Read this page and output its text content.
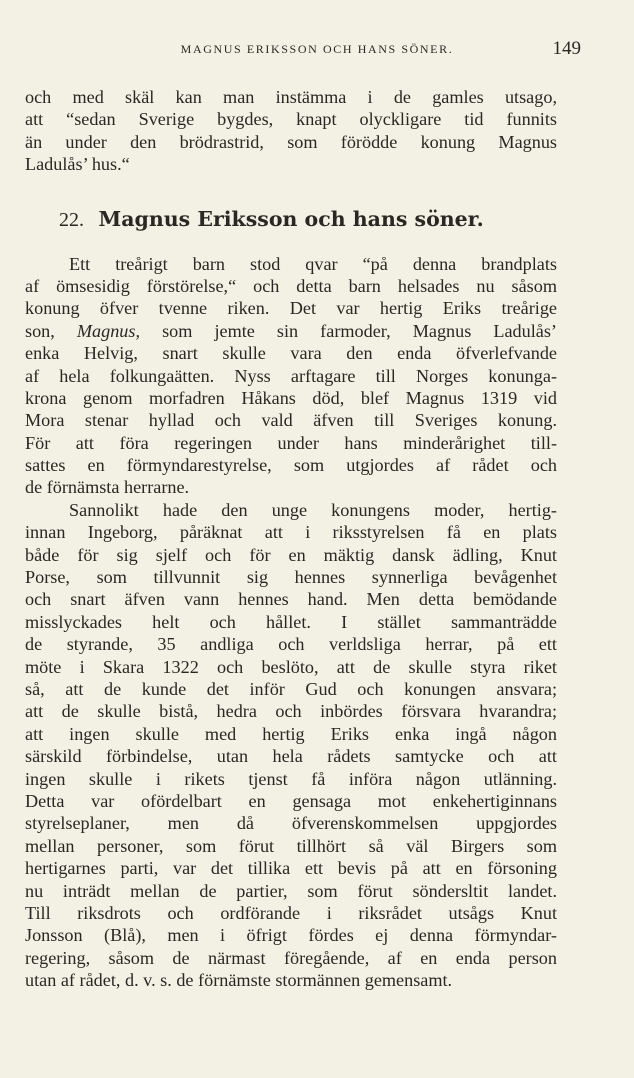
MAGNUS ERIKSSON OCH HANS SÖNER.	149
och med skäl kan man instämma i de gamles utsago,
att “sedan Sverige bygdes, knapt olyckligare tid funnits
än under den brödrastrid, som förödde konung Magnus
Ladulås’ hus.“
22. Magnus Eriksson och hans söner.
Ett treårigt barn stod qvar “på denna brandplats
af ömsesidig förstörelse,“ och detta barn helsades nu såsom
konung öfver tvenne riken. Det var hertig Eriks treårige
son, Magnus, som jemte sin farmoder, Magnus Ladulås’
enka Helvig, snart skulle vara den enda öfverlefvande
af hela folkungaätten. Nyss arftagare till Norges konunga-
krona genom morfadren Håkans död, blef Magnus 1319 vid
Mora stenar hyllad och vald äfven till Sveriges konung.
För att föra regeringen under hans minderårighet till-
sattes en förmyndarestyrelse, som utgjordes af rådet och
de förnämsta herrarne.
Sannolikt hade den unge konungens moder, hertig-
innan Ingeborg, påräknat att i riksstyrelsen få en plats
både för sig sjelf och för en mäktig dansk ädling, Knut
Porse, som tillvunnit sig hennes synnerliga bevågenhet
och snart äfven vann hennes hand. Men detta bemödande
misslyckades helt och hållet. I stället sammanträdde
de styrande, 35 andliga och verldsliga herrar, på ett
möte i Skara 1322 och beslöto, att de skulle styra riket
så, att de kunde det inför Gud och konungen ansvara;
att de skulle bistå, hedra och inbördes försvara hvarandra;
att ingen skulle med hertig Eriks enka ingå någon
särskild förbindelse, utan hela rådets samtycke och att
ingen skulle i rikets tjenst få införa någon utlänning.
Detta var ofördelbart en gensaga mot enkehertiginnans
styrelseplaner, men då öfverenskommelsen uppgjordes
mellan personer, som förut tillhört så väl Birgers som
hertigarnes parti, var det tillika ett bevis på att en försoning
nu inträdt mellan de partier, som förut söndersltit landet.
Till riksdrots och ordförande i riksrådet utsågs Knut
Jonsson (Blå), men i öfrigt fördes ej denna förmyndar-
regering, såsom de närmast föregående, af en enda person
utan af rådet, d. v. s. de förnämste stormännen gemensamt.
